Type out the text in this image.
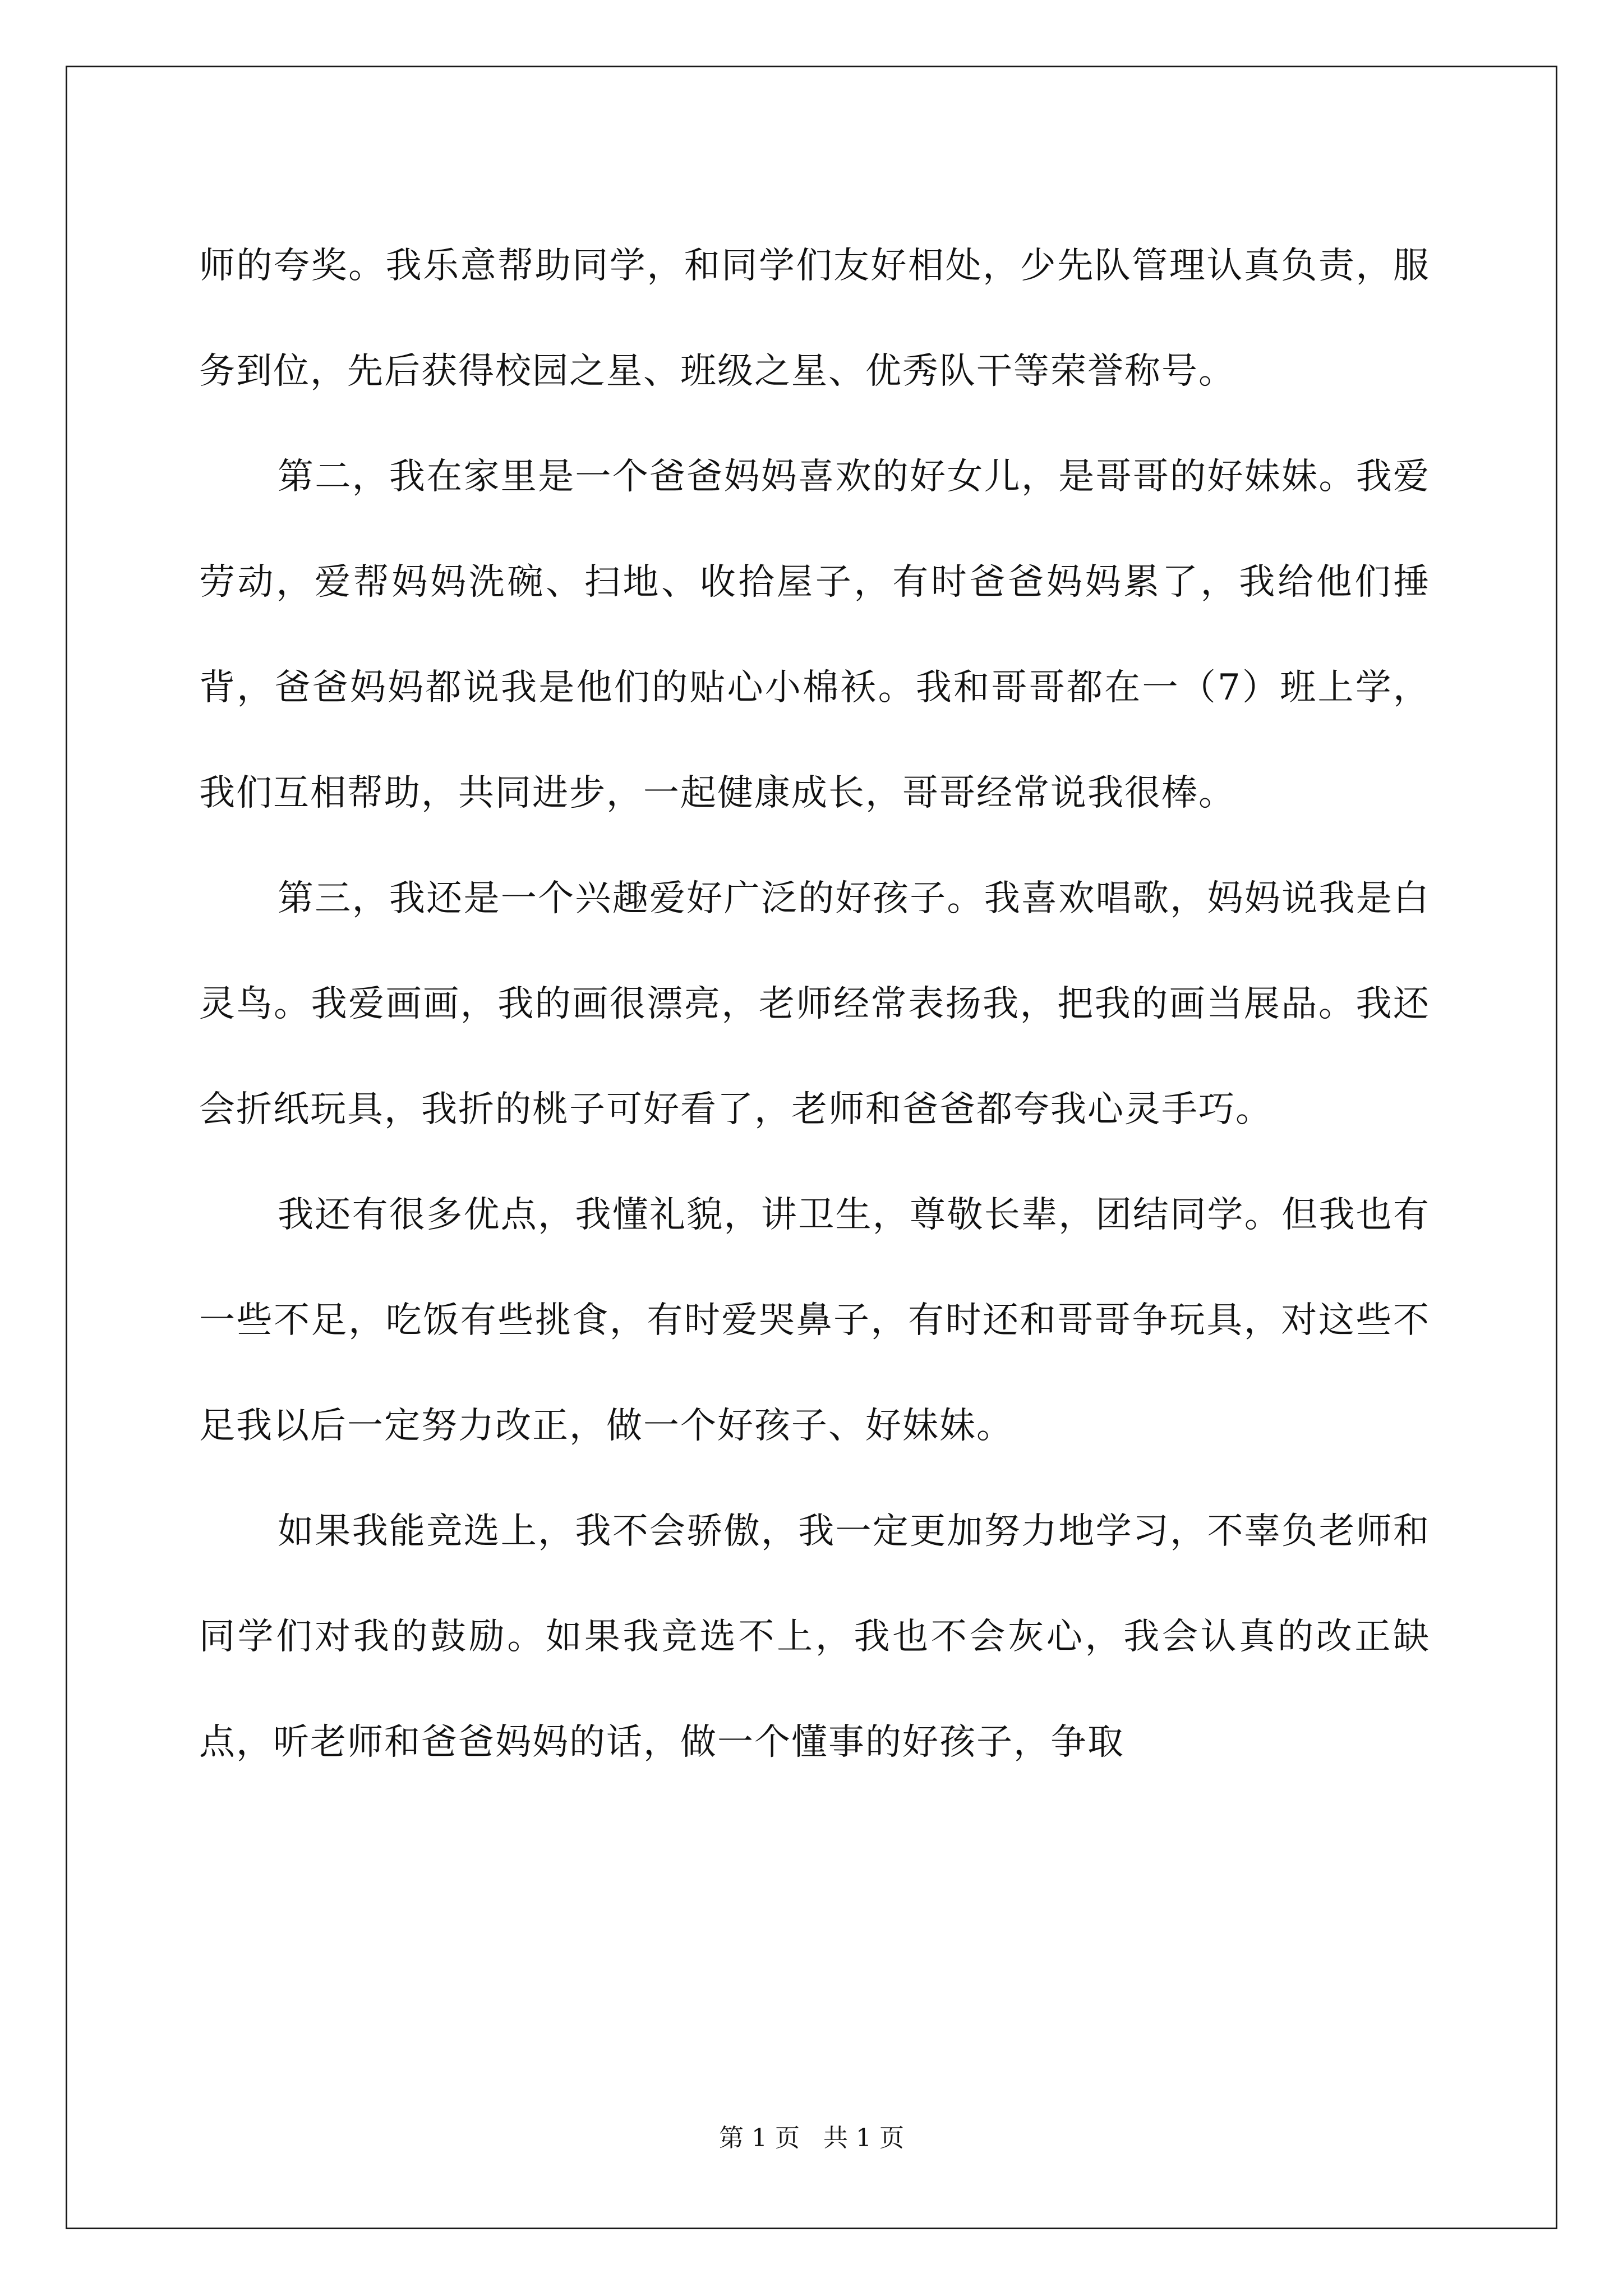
师的夸奖。我乐意帮助同学，和同学们友好相处，少先队管理认真负责，服务到位，先后获得校园之星、班级之星、优秀队干等荣誉称号。

第二，我在家里是一个爸爸妈妈喜欢的好女儿，是哥哥的好妹妹。我爱劳动，爱帮妈妈洗碗、扫地、收拾屋子，有时爸爸妈妈累了，我给他们捶背，爸爸妈妈都说我是他们的贴心小棉袄。我和哥哥都在一（7）班上学，我们互相帮助，共同进步，一起健康成长，哥哥经常说我很棒。

第三，我还是一个兴趣爱好广泛的好孩子。我喜欢唱歌，妈妈说我是白灵鸟。我爱画画，我的画很漂亮，老师经常表扬我，把我的画当展品。我还会折纸玩具，我折的桃子可好看了，老师和爸爸都夸我心灵手巧。

我还有很多优点，我懂礼貌，讲卫生，尊敬长辈，团结同学。但我也有一些不足，吃饭有些挑食，有时爱哭鼻子，有时还和哥哥争玩具，对这些不足我以后一定努力改正，做一个好孩子、好妹妹。

如果我能竞选上，我不会骄傲，我一定更加努力地学习，不辜负老师和同学们对我的鼓励。如果我竞选不上，我也不会灰心，我会认真的改正缺点，听老师和爸爸妈妈的话，做一个懂事的好孩子，争取

第 1 页 共 1 页
